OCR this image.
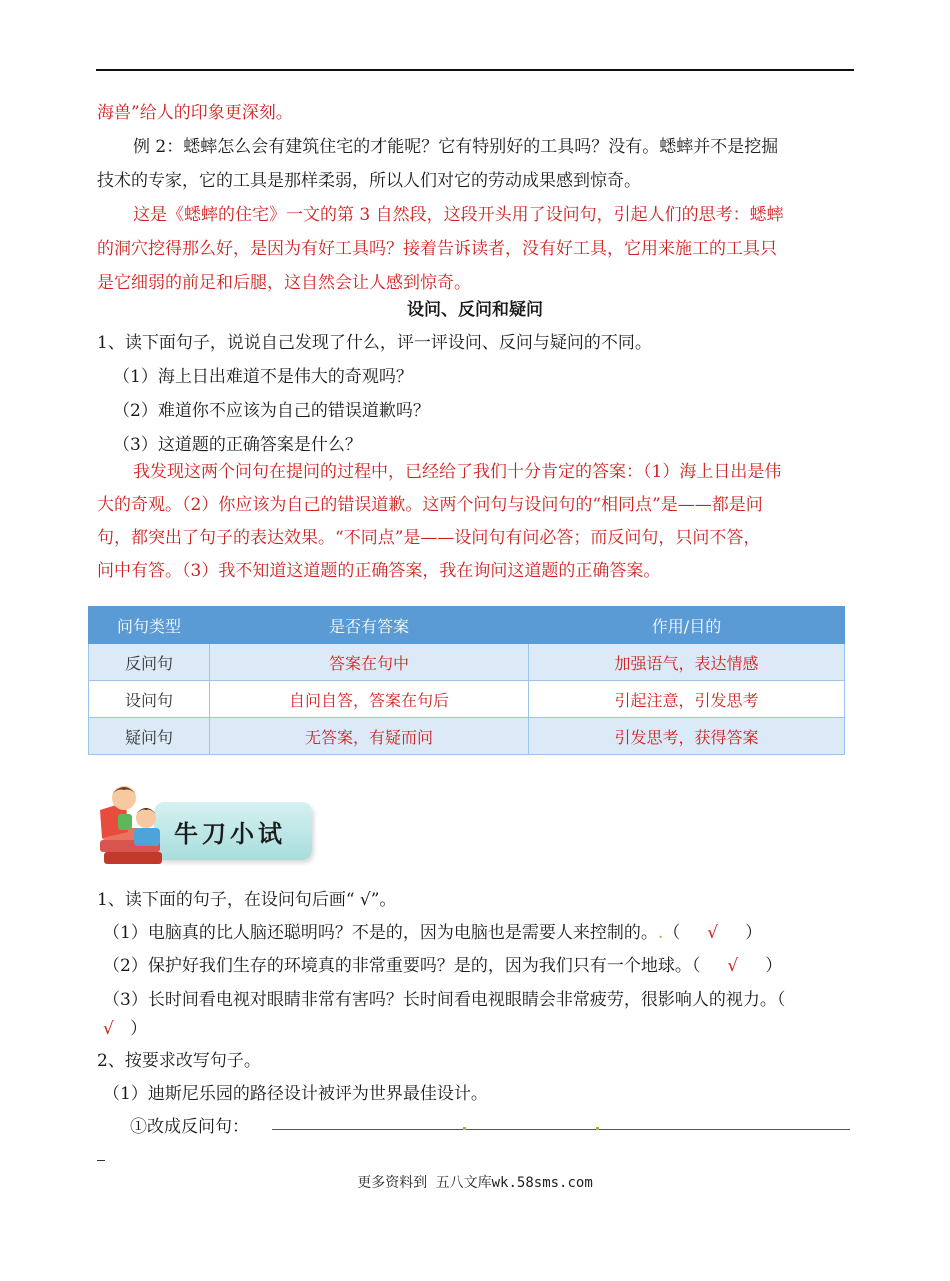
海兽”给人的印象更深刻。
例 2：蟋蟀怎么会有建筑住宅的才能呢？它有特别好的工具吗？没有。蟋蟀并不是挖掘
技术的专家，它的工具是那样柔弱，所以人们对它的劳动成果感到惊奇。
这是《蟋蟀的住宅》一文的第 3 自然段，这段开头用了设问句，引起人们的思考：蟋蟀
的洞穴挖得那么好，是因为有好工具吗？接着告诉读者，没有好工具，它用来施工的工具只
是它细弱的前足和后腿，这自然会让人感到惊奇。
设问、反问和疑问
1、读下面句子，说说自己发现了什么，评一评设问、反问与疑问的不同。
（1）海上日出难道不是伟大的奇观吗？
（2）难道你不应该为自己的错误道歉吗？
（3）这道题的正确答案是什么？
我发现这两个问句在提问的过程中，已经给了我们十分肯定的答案：（1）海上日出是伟
大的奇观。（2）你应该为自己的错误道歉。这两个问句与设问句的“相同点”是——都是问
句，都突出了句子的表达效果。“不同点”是——设问句有问必答；而反问句，只问不答，
问中有答。（3）我不知道这道题的正确答案，我在询问这道题的正确答案。
问句类型	是否有答案	作用/目的
反问句	答案在句中	加强语气，表达情感
设问句	自问自答，答案在句后	引起注意，引发思考
疑问句	无答案，有疑而问	引发思考，获得答案
牛刀小试
1、读下面的句子，在设问句后画“ √”。
（1）电脑真的比人脑还聪明吗？不是的，因为电脑也是需要人来控制的。.（ √ ）
（2）保护好我们生存的环境真的非常重要吗？是的，因为我们只有一个地球。（ √ ）
（3）长时间看电视对眼睛非常有害吗？长时间看电视眼睛会非常疲劳，很影响人的视力。（
√ ）
2、按要求改写句子。
（1）迪斯尼乐园的路径设计被评为世界最佳设计。
①改成反问句：
更多资料到 五八文库wk.58sms.com
